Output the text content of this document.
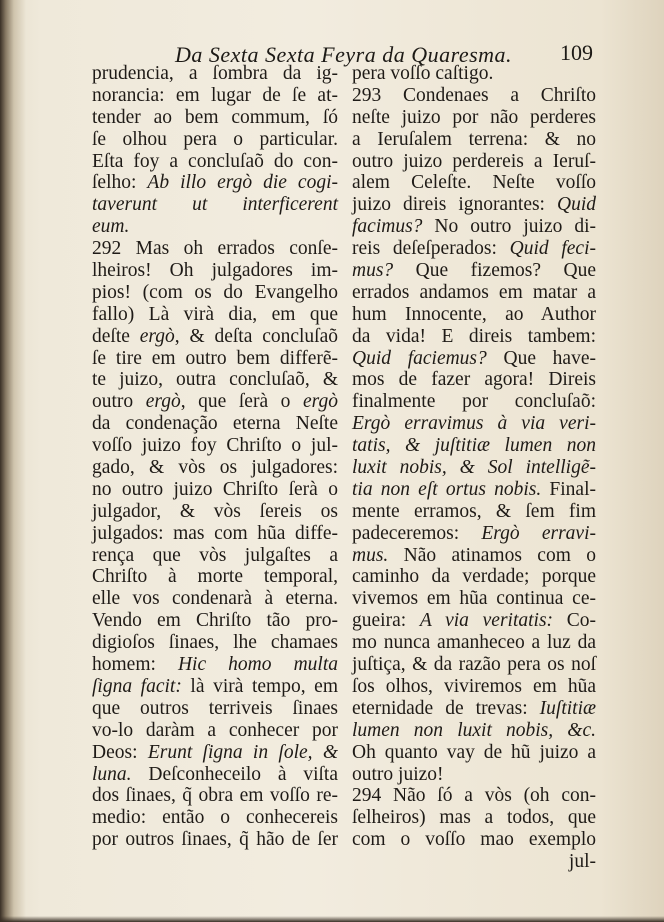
Da Sexta Sexta Feyra da Quaresma. 109
prudencia, a ſombra da ig-
norancia: em lugar de ſe at-
tender ao bem commum, ſó
ſe olhou pera o particular.
Eſta foy a concluſaõ do con-
ſelho: Ab illo ergò die cogi-
taverunt ut interficerent
eum.
292 Mas oh errados conſe-
lheiros! Oh julgadores im-
pios! (com os do Evangelho
fallo) Là virà dia, em que
deſte ergò, & deſta concluſaõ
ſe tire em outro bem differẽ-
te juizo, outra concluſaõ, &
outro ergò, que ſerà o ergò
da condenação eterna Neſte
voſſo juizo foy Chriſto o jul-
gado, & vòs os julgadores:
no outro juizo Chriſto ſerà o
julgador, & vòs ſereis os
julgados: mas com hũa diffe-
rença que vòs julgaſtes a
Chriſto à morte temporal,
elle vos condenarà à eterna.
Vendo em Chriſto tão pro-
digioſos ſinaes, lhe chamaes
homem: Hic homo multa
ſigna facit: là virà tempo, em
que outros terriveis ſinaes
vo-lo daràm a conhecer por
Deos: Erunt ſigna in ſole, &
luna. Deſconheceilo à viſta
dos ſinaes, q̃ obra em voſſo re-
medio: então o conhecereis
por outros ſinaes, q̃ hão de ſer
pera voſſo caſtigo.
293 Condenaes a Chriſto
neſte juizo por não perderes
a Ieruſalem terrena: & no
outro juizo perdereis a Ieruſ-
alem Celeſte. Neſte voſſo
juizo direis ignorantes: Quid
facimus? No outro juizo di-
reis deſeſperados: Quid feci-
mus? Que fizemos? Que
errados andamos em matar a
hum Innocente, ao Author
da vida! E direis tambem:
Quid faciemus? Que have-
mos de fazer agora! Direis
finalmente por concluſaõ:
Ergò erravimus à via veri-
tatis, & juſtitiæ lumen non
luxit nobis, & Sol intelligẽ-
tia non eſt ortus nobis. Final-
mente erramos, & ſem fim
padeceremos: Ergò erravi-
mus. Não atinamos com o
caminho da verdade; porque
vivemos em hũa continua ce-
gueira: A via veritatis: Co-
mo nunca amanheceo a luz da
juſtiça, & da razão pera os noſ
ſos olhos, viviremos em hũa
eternidade de trevas: Iuſtitiæ
lumen non luxit nobis, &c.
Oh quanto vay de hũ juizo a
outro juizo!
294 Não ſó a vòs (oh con-
ſelheiros) mas a todos, que
com o voſſo mao exemplo
jul-
